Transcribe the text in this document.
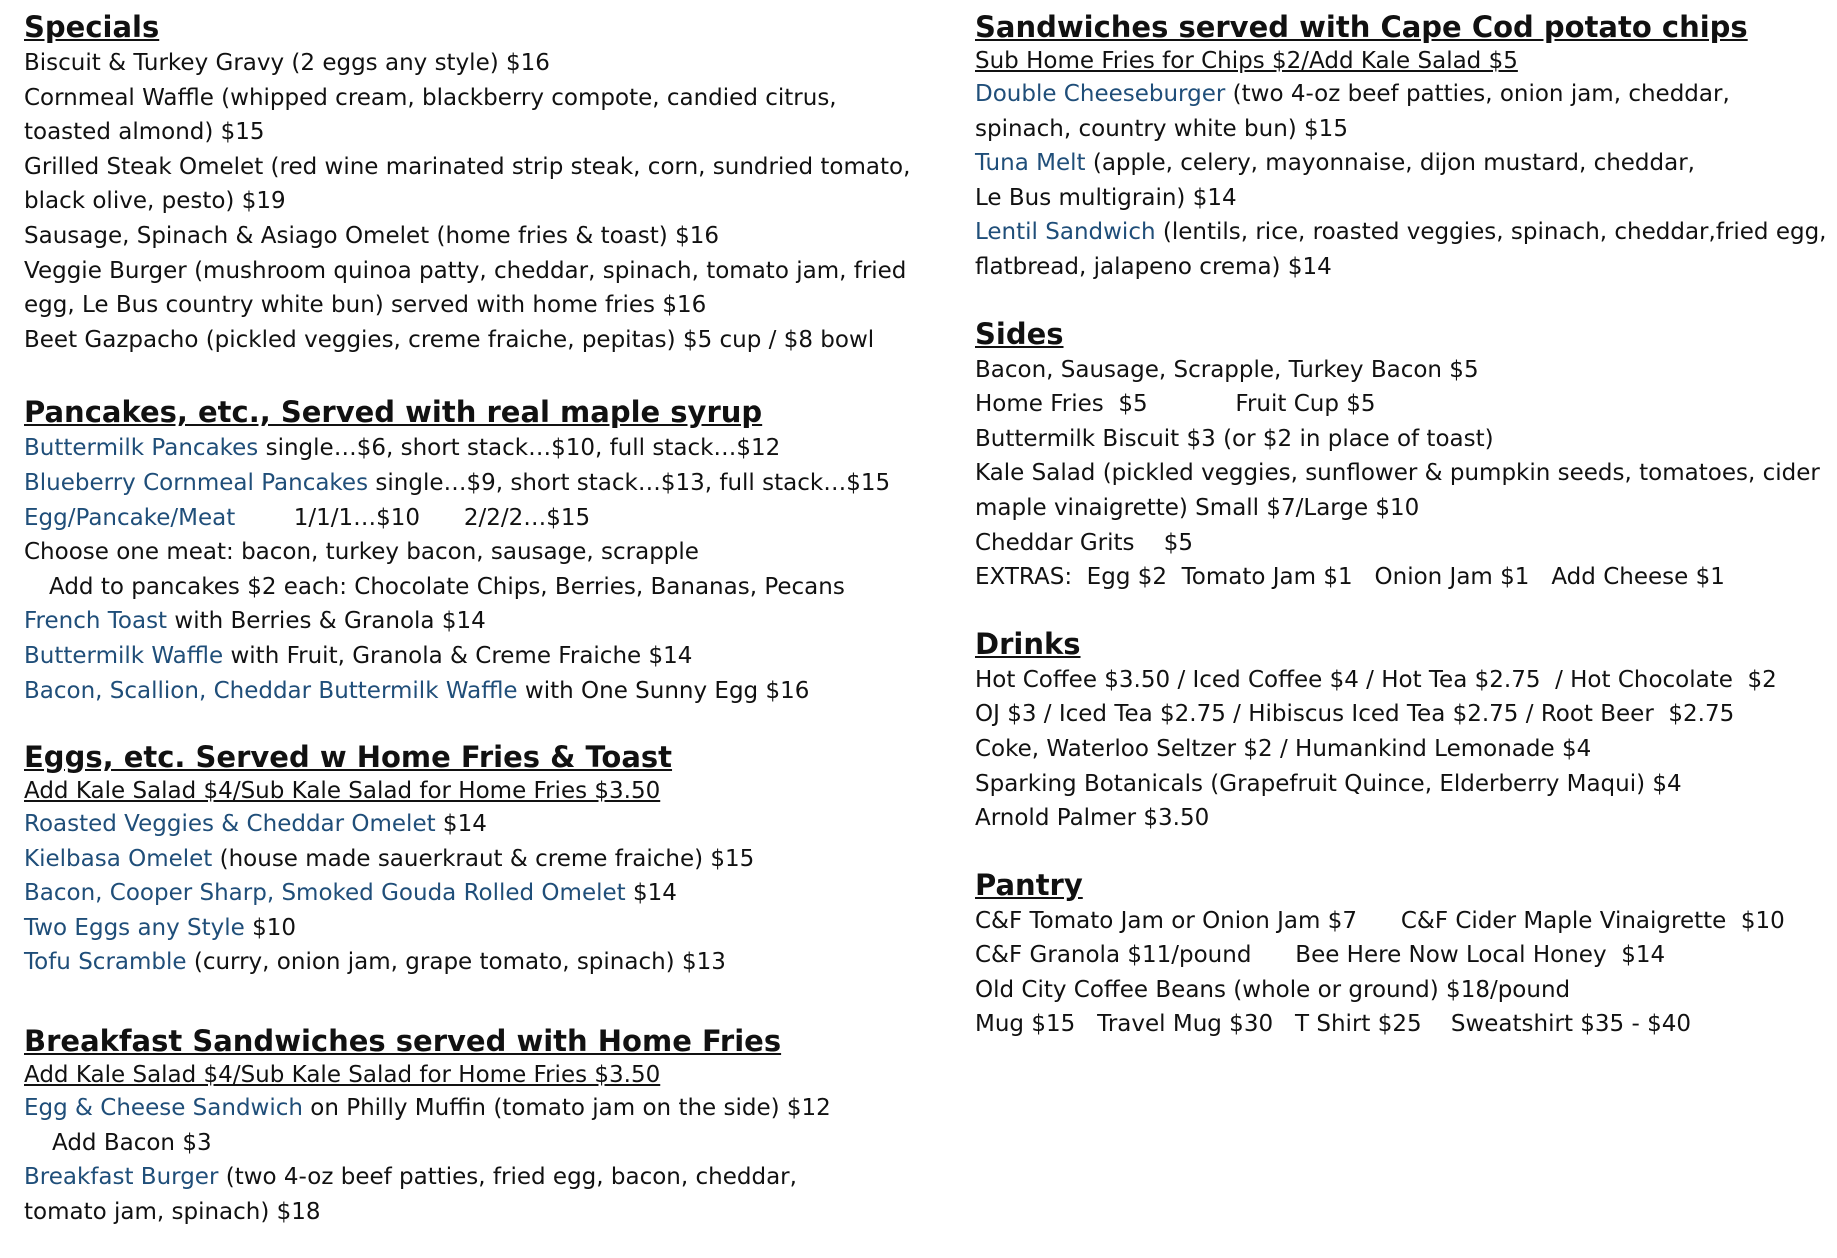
Specials
Biscuit & Turkey Gravy (2 eggs any style) $16
Cornmeal Waffle (whipped cream, blackberry compote, candied citrus,
toasted almond) $15
Grilled Steak Omelet (red wine marinated strip steak, corn, sundried tomato,
black olive, pesto) $19
Sausage, Spinach & Asiago Omelet (home fries & toast) $16
Veggie Burger (mushroom quinoa patty, cheddar, spinach, tomato jam, fried
egg, Le Bus country white bun) served with home fries $16
Beet Gazpacho (pickled veggies, creme fraiche, pepitas) $5 cup / $8 bowl
Pancakes, etc., Served with real maple syrup
Buttermilk Pancakes single…$6, short stack…$10, full stack…$12
Blueberry Cornmeal Pancakes single…$9, short stack…$13, full stack…$15
Egg/Pancake/Meat        1/1/1…$10      2/2/2…$15
Choose one meat: bacon, turkey bacon, sausage, scrapple
Add to pancakes $2 each: Chocolate Chips, Berries, Bananas, Pecans
French Toast with Berries & Granola $14
Buttermilk Waffle with Fruit, Granola & Creme Fraiche $14
Bacon, Scallion, Cheddar Buttermilk Waffle with One Sunny Egg $16
Eggs, etc. Served w Home Fries & Toast
Add Kale Salad $4/Sub Kale Salad for Home Fries $3.50
Roasted Veggies & Cheddar Omelet $14
Kielbasa Omelet (house made sauerkraut & creme fraiche) $15
Bacon, Cooper Sharp, Smoked Gouda Rolled Omelet $14
Two Eggs any Style $10
Tofu Scramble (curry, onion jam, grape tomato, spinach) $13
Breakfast Sandwiches served with Home Fries
Add Kale Salad $4/Sub Kale Salad for Home Fries $3.50
Egg & Cheese Sandwich on Philly Muffin (tomato jam on the side) $12
Add Bacon $3
Breakfast Burger (two 4-oz beef patties, fried egg, bacon, cheddar,
tomato jam, spinach) $18
Sandwiches served with Cape Cod potato chips
Sub Home Fries for Chips $2/Add Kale Salad $5
Double Cheeseburger (two 4-oz beef patties, onion jam, cheddar,
spinach, country white bun) $15
Tuna Melt (apple, celery, mayonnaise, dijon mustard, cheddar,
Le Bus multigrain) $14
Lentil Sandwich (lentils, rice, roasted veggies, spinach, cheddar,fried egg,
flatbread, jalapeno crema) $14
Sides
Bacon, Sausage, Scrapple, Turkey Bacon $5
Home Fries  $5            Fruit Cup $5
Buttermilk Biscuit $3 (or $2 in place of toast)
Kale Salad (pickled veggies, sunflower & pumpkin seeds, tomatoes, cider
maple vinaigrette) Small $7/Large $10
Cheddar Grits    $5
EXTRAS:  Egg $2  Tomato Jam $1   Onion Jam $1   Add Cheese $1
Drinks
Hot Coffee $3.50 / Iced Coffee $4 / Hot Tea $2.75  / Hot Chocolate  $2
OJ $3 / Iced Tea $2.75 / Hibiscus Iced Tea $2.75 / Root Beer  $2.75
Coke, Waterloo Seltzer $2 / Humankind Lemonade $4
Sparking Botanicals (Grapefruit Quince, Elderberry Maqui) $4
Arnold Palmer $3.50
Pantry
C&F Tomato Jam or Onion Jam $7      C&F Cider Maple Vinaigrette  $10
C&F Granola $11/pound      Bee Here Now Local Honey  $14
Old City Coffee Beans (whole or ground) $18/pound
Mug $15   Travel Mug $30   T Shirt $25    Sweatshirt $35 - $40
